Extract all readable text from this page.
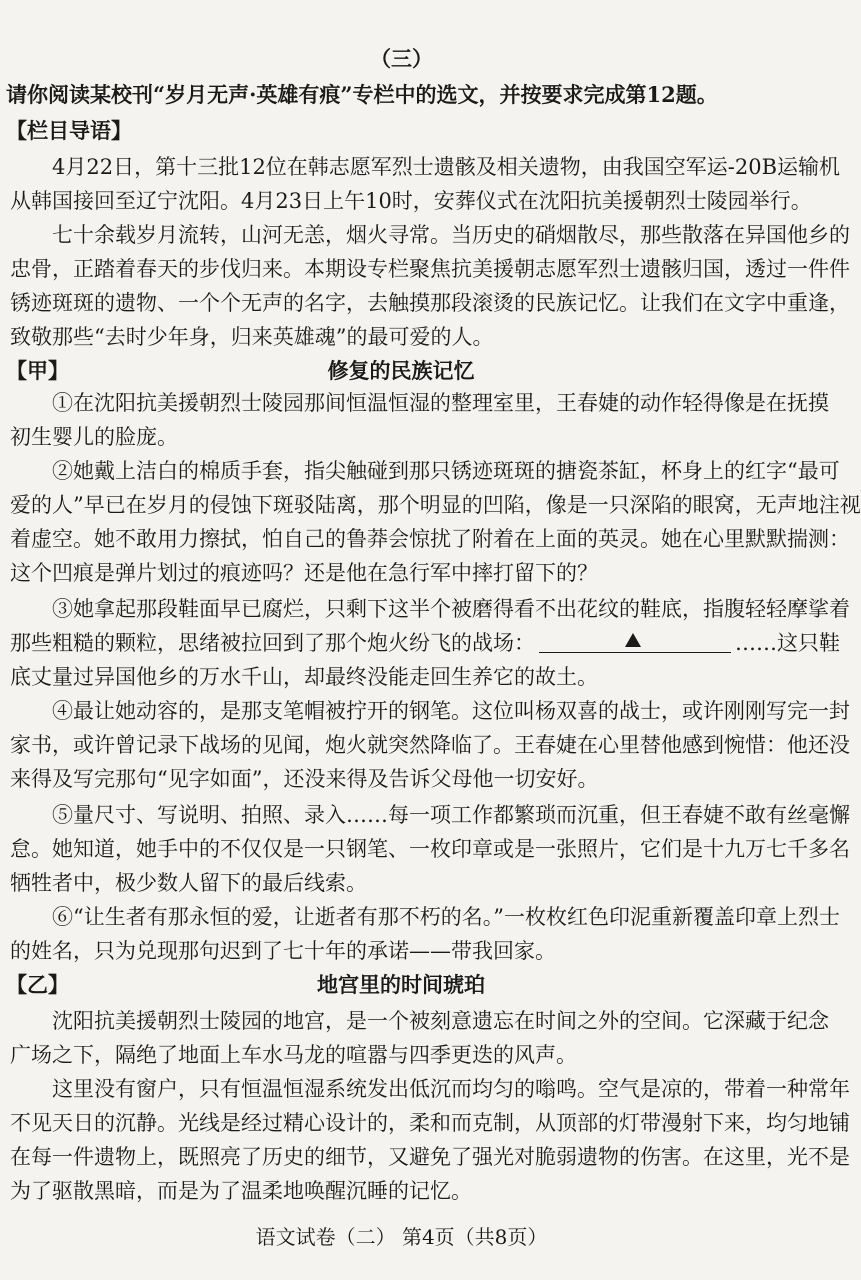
（三）
请你阅读某校刊“岁月无声·英雄有痕”专栏中的选文，并按要求完成第12题。
【栏目导语】
4月22日，第十三批12位在韩志愿军烈士遗骸及相关遗物，由我国空军运-20B运输机
从韩国接回至辽宁沈阳。4月23日上午10时，安葬仪式在沈阳抗美援朝烈士陵园举行。
七十余载岁月流转，山河无恙，烟火寻常。当历史的硝烟散尽，那些散落在异国他乡的
忠骨，正踏着春天的步伐归来。本期设专栏聚焦抗美援朝志愿军烈士遗骸归国，透过一件件
锈迹斑斑的遗物、一个个无声的名字，去触摸那段滚烫的民族记忆。让我们在文字中重逢，
致敬那些“去时少年身，归来英雄魂”的最可爱的人。
【甲】	修复的民族记忆
①在沈阳抗美援朝烈士陵园那间恒温恒湿的整理室里，王春婕的动作轻得像是在抚摸
初生婴儿的脸庞。
②她戴上洁白的棉质手套，指尖触碰到那只锈迹斑斑的搪瓷茶缸，杯身上的红字“最可
爱的人”早已在岁月的侵蚀下斑驳陆离，那个明显的凹陷，像是一只深陷的眼窝，无声地注视
着虚空。她不敢用力擦拭，怕自己的鲁莽会惊扰了附着在上面的英灵。她在心里默默揣测：
这个凹痕是弹片划过的痕迹吗？还是他在急行军中摔打留下的？
③她拿起那段鞋面早已腐烂，只剩下这半个被磨得看不出花纹的鞋底，指腹轻轻摩挲着
那些粗糙的颗粒，思绪被拉回到了那个炮火纷飞的战场：	……这只鞋
底丈量过异国他乡的万水千山，却最终没能走回生养它的故土。
④最让她动容的，是那支笔帽被拧开的钢笔。这位叫杨双喜的战士，或许刚刚写完一封
家书，或许曾记录下战场的见闻，炮火就突然降临了。王春婕在心里替他感到惋惜：他还没
来得及写完那句“见字如面”，还没来得及告诉父母他一切安好。
⑤量尺寸、写说明、拍照、录入……每一项工作都繁琐而沉重，但王春婕不敢有丝毫懈
怠。她知道，她手中的不仅仅是一只钢笔、一枚印章或是一张照片，它们是十九万七千多名
牺牲者中，极少数人留下的最后线索。
⑥“让生者有那永恒的爱，让逝者有那不朽的名。”一枚枚红色印泥重新覆盖印章上烈士
的姓名，只为兑现那句迟到了七十年的承诺——带我回家。
【乙】	地宫里的时间琥珀
沈阳抗美援朝烈士陵园的地宫，是一个被刻意遗忘在时间之外的空间。它深藏于纪念
广场之下，隔绝了地面上车水马龙的喧嚣与四季更迭的风声。
这里没有窗户，只有恒温恒湿系统发出低沉而均匀的嗡鸣。空气是凉的，带着一种常年
不见天日的沉静。光线是经过精心设计的，柔和而克制，从顶部的灯带漫射下来，均匀地铺
在每一件遗物上，既照亮了历史的细节，又避免了强光对脆弱遗物的伤害。在这里，光不是
为了驱散黑暗，而是为了温柔地唤醒沉睡的记忆。
语文试卷（二） 第4页（共8页）
